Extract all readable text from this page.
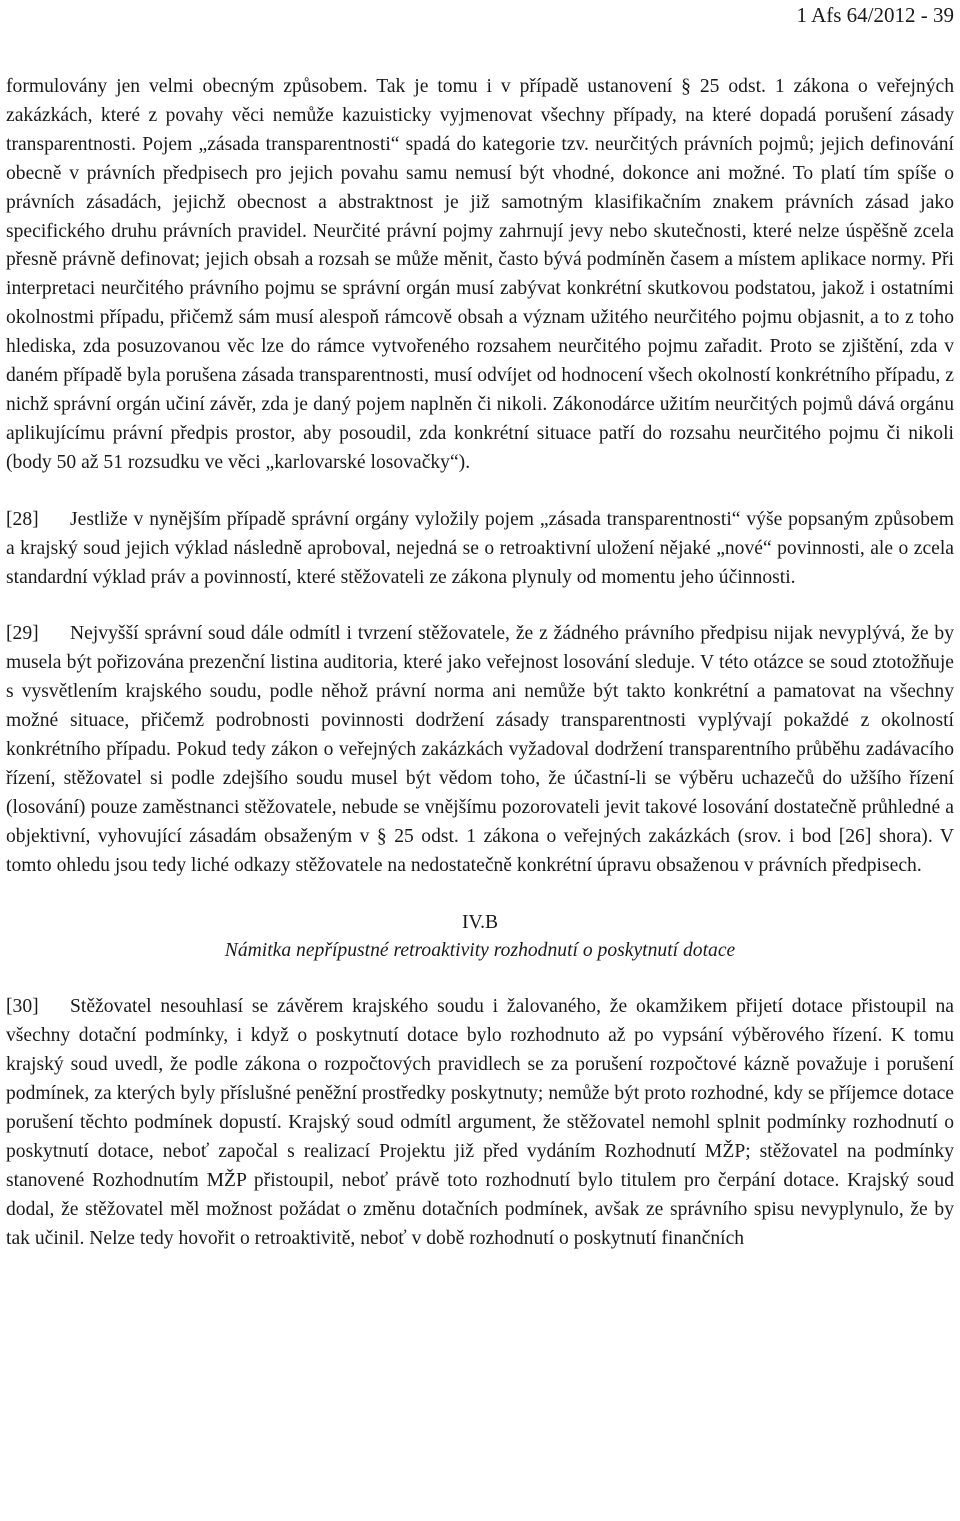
1 Afs 64/2012 - 39

formulovány jen velmi obecným způsobem. Tak je tomu i v případě ustanovení § 25 odst. 1 zákona o veřejných zakázkách, které z povahy věci nemůže kazuisticky vyjmenovat všechny případy, na které dopadá porušení zásady transparentnosti. Pojem „zásada transparentnosti“ spadá do kategorie tzv. neurčitých právních pojmů; jejich definování obecně v právních předpisech pro jejich povahu samu nemusí být vhodné, dokonce ani možné. To platí tím spíše o právních zásadách, jejichž obecnost a abstraktnost je již samotným klasifikačním znakem právních zásad jako specifického druhu právních pravidel. Neurčité právní pojmy zahrnují jevy nebo skutečnosti, které nelze úspěšně zcela přesně právně definovat; jejich obsah a rozsah se může měnit, často bývá podmíněn časem a místem aplikace normy. Při interpretaci neurčitého právního pojmu se správní orgán musí zabývat konkrétní skutkovou podstatou, jakož i ostatními okolnostmi případu, přičemž sám musí alespoň rámcově obsah a význam užitého neurčitého pojmu objasnit, a to z toho hlediska, zda posuzovanou věc lze do rámce vytvořeného rozsahem neurčitého pojmu zařadit. Proto se zjištění, zda v daném případě byla porušena zásada transparentnosti, musí odvíjet od hodnocení všech okolností konkrétního případu, z nichž správní orgán učiní závěr, zda je daný pojem naplněn či nikoli. Zákonodárce užitím neurčitých pojmů dává orgánu aplikujícímu právní předpis prostor, aby posoudil, zda konkrétní situace patří do rozsahu neurčitého pojmu či nikoli (body 50 až 51 rozsudku ve věci „karlovarské losovačky“).

[28] Jestliže v nynějším případě správní orgány vyložily pojem „zásada transparentnosti“ výše popsaným způsobem a krajský soud jejich výklad následně aproboval, nejedná se o retroaktivní uložení nějaké „nové“ povinnosti, ale o zcela standardní výklad práv a povinností, které stěžovateli ze zákona plynuly od momentu jeho účinnosti.

[29] Nejvyšší správní soud dále odmítl i tvrzení stěžovatele, že z žádného právního předpisu nijak nevyplývá, že by musela být pořizována prezenční listina auditoria, které jako veřejnost losování sleduje. V této otázce se soud ztotožňuje s vysvětlením krajského soudu, podle něhož právní norma ani nemůže být takto konkrétní a pamatovat na všechny možné situace, přičemž podrobnosti povinnosti dodržení zásady transparentnosti vyplývají pokaždé z okolností konkrétního případu. Pokud tedy zákon o veřejných zakázkách vyžadoval dodržení transparentního průběhu zadávacího řízení, stěžovatel si podle zdejšího soudu musel být vědom toho, že účastní-li se výběru uchazečů do užšího řízení (losování) pouze zaměstnanci stěžovatele, nebude se vnějšímu pozorovateli jevit takové losování dostatečně průhledné a objektivní, vyhovující zásadám obsaženým v § 25 odst. 1 zákona o veřejných zakázkách (srov. i bod [26] shora). V tomto ohledu jsou tedy liché odkazy stěžovatele na nedostatečně konkrétní úpravu obsaženou v právních předpisech.

IV.B
Námitka nepřípustné retroaktivity rozhodnutí o poskytnutí dotace

[30] Stěžovatel nesouhlasí se závěrem krajského soudu i žalovaného, že okamžikem přijetí dotace přistoupil na všechny dotační podmínky, i když o poskytnutí dotace bylo rozhodnuto až po vypsání výběrového řízení. K tomu krajský soud uvedl, že podle zákona o rozpočtových pravidlech se za porušení rozpočtové kázně považuje i porušení podmínek, za kterých byly příslušné peněžní prostředky poskytnuty; nemůže být proto rozhodné, kdy se příjemce dotace porušení těchto podmínek dopustí. Krajský soud odmítl argument, že stěžovatel nemohl splnit podmínky rozhodnutí o poskytnutí dotace, neboť započal s realizací Projektu již před vydáním Rozhodnutí MŽP; stěžovatel na podmínky stanovené Rozhodnutím MŽP přistoupil, neboť právě toto rozhodnutí bylo titulem pro čerpání dotace. Krajský soud dodal, že stěžovatel měl možnost požádat o změnu dotačních podmínek, avšak ze správního spisu nevyplynulo, že by tak učinil. Nelze tedy hovořit o retroaktivitě, neboť v době rozhodnutí o poskytnutí finančních
